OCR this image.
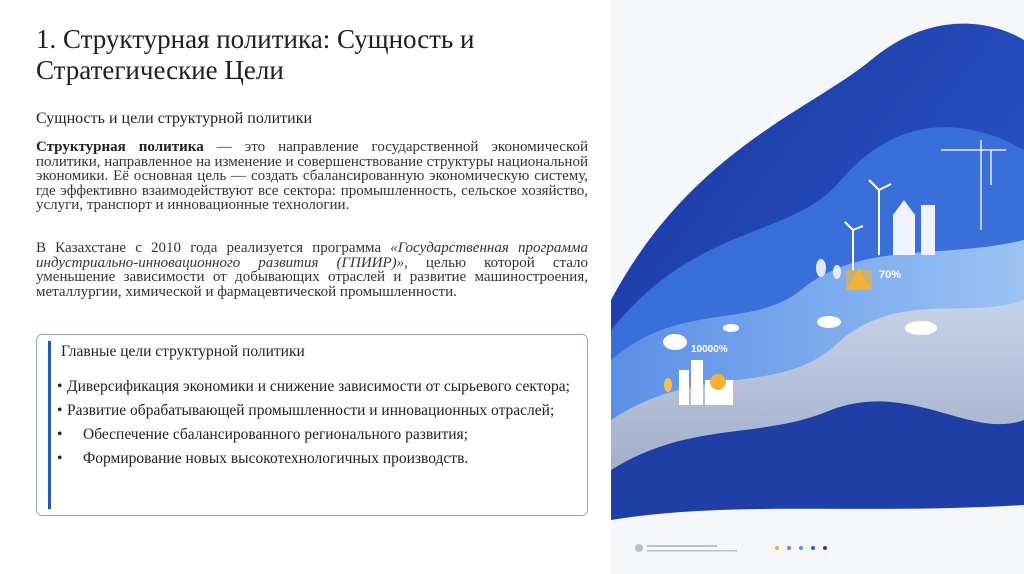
1. Структурная политика: Сущность и Стратегические Цели
Сущность и цели структурной политики
Структурная политика — это направление государственной экономической политики, направленное на изменение и совершенствование структуры национальной экономики. Её основная цель — создать сбалансированную экономическую систему, где эффективно взаимодействуют все сектора: промышленность, сельское хозяйство, услуги, транспорт и инновационные технологии.
В Казахстане с 2010 года реализуется программа «Государственная программа индустриально-инновационного развития (ГПИИР)», целью которой стало уменьшение зависимости от добывающих отраслей и развитие машиностроения, металлургии, химической и фармацевтической промышленности.
Главные цели структурной политики
• Диверсификация экономики и снижение зависимости от сырьевого сектора;
• Развитие обрабатывающей промышленности и инновационных отраслей;
• Обеспечение сбалансированного регионального развития;
• Формирование новых высокотехнологичных производств.
70%
10000%
